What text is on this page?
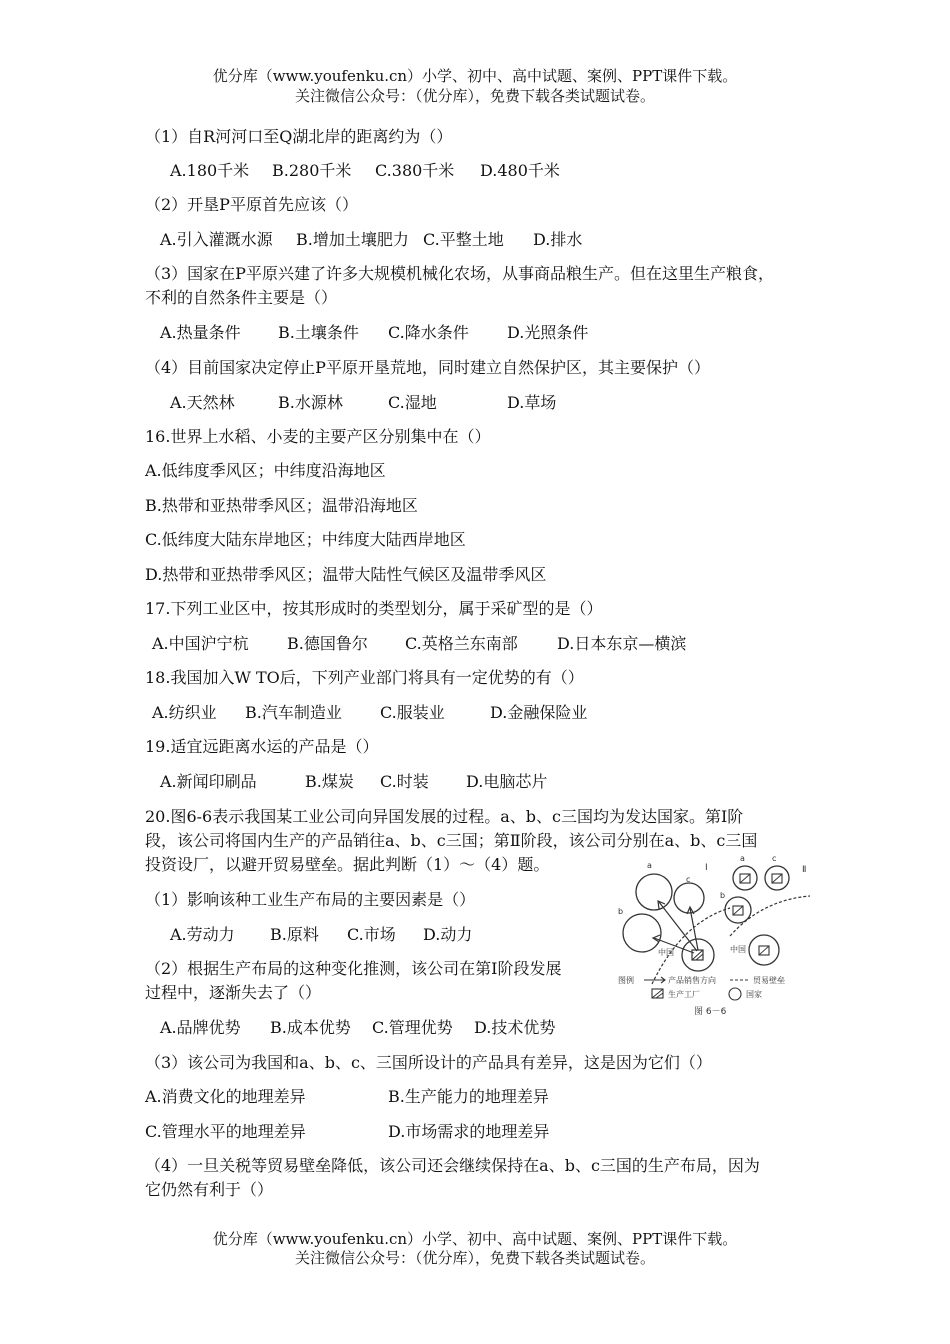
优分库（www.youfenku.cn）小学、初中、高中试题、案例、PPT课件下载。
关注微信公众号：（优分库），免费下载各类试题试卷。
（1）自R河河口至Q湖北岸的距离约为（）
A.180千米 B.280千米 C.380千米 D.480千米
（2）开垦P平原首先应该（）
A.引入灌溉水源 B.增加土壤肥力 C.平整土地 D.排水
（3）国家在P平原兴建了许多大规模机械化农场，从事商品粮生产。但在这里生产粮食，
不利的自然条件主要是（）
A.热量条件 B.土壤条件 C.降水条件 D.光照条件
（4）目前国家决定停止P平原开垦荒地，同时建立自然保护区，其主要保护（）
A.天然林	B.水源林	C.湿地	D.草场
16.世界上水稻、小麦的主要产区分别集中在（）
A.低纬度季风区；中纬度沿海地区
B.热带和亚热带季风区；温带沿海地区
C.低纬度大陆东岸地区；中纬度大陆西岸地区
D.热带和亚热带季风区；温带大陆性气候区及温带季风区
17.下列工业区中，按其形成时的类型划分，属于采矿型的是（）
A.中国沪宁杭 B.德国鲁尔 C.英格兰东南部 D.日本东京—横滨
18.我国加入W TO后，下列产业部门将具有一定优势的有（）
A.纺织业 B.汽车制造业 C.服装业	D.金融保险业
19.适宜远距离水运的产品是（）
A.新闻印刷品	B.煤炭 C.时装 D.电脑芯片
20.图6-6表示我国某工业公司向异国发展的过程。a、b、c三国均为发达国家。第Ⅰ阶
段，该公司将国内生产的产品销往a、b、c三国；第Ⅱ阶段，该公司分别在a、b、c三国
投资设厂，以避开贸易壁垒。据此判断（1）～（4）题。
（1）影响该种工业生产布局的主要因素是（）
A.劳动力 B.原料 C.市场 D.动力
（2）根据生产布局的这种变化推测，该公司在第Ⅰ阶段发展
过程中，逐渐失去了（）
A.品牌优势 B.成本优势 C.管理优势 D.技术优势
（3）该公司为我国和a、b、c、三国所设计的产品具有差异，这是因为它们（）
A.消费文化的地理差异	B.生产能力的地理差异
C.管理水平的地理差异	D.市场需求的地理差异
（4）一旦关税等贸易壁垒降低，该公司还会继续保持在a、b、c三国的生产布局，因为
它仍然有利于（）
Ⅰ	Ⅱ
a
c
b
中国
a	c
b
中国
图例	产品销售方向	贸易壁垒
生产工厂	国家
图 6－6
优分库（www.youfenku.cn）小学、初中、高中试题、案例、PPT课件下载。
关注微信公众号：（优分库），免费下载各类试题试卷。
